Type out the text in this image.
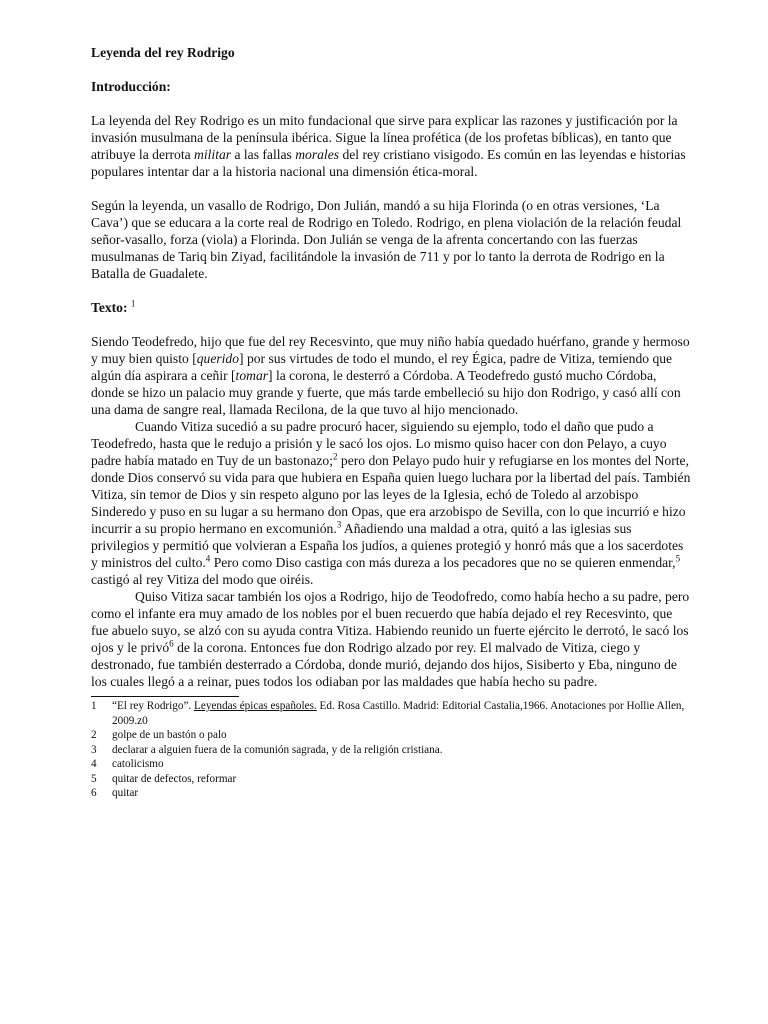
Leyenda del rey Rodrigo
Introducción:

La leyenda del Rey Rodrigo es un mito fundacional que sirve para explicar las razones y justificación por la invasión musulmana de la península ibérica. Sigue la línea profética (de los profetas bíblicas), en tanto que atribuye la derrota militar a las fallas morales del rey cristiano visigodo. Es común en las leyendas e historias populares intentar dar a la historia nacional una dimensión ética-moral.

Según la leyenda, un vasallo de Rodrigo, Don Julián, mandó a su hija Florinda (o en otras versiones, ‘La Cava’) que se educara a la corte real de Rodrigo en Toledo. Rodrigo, en plena violación de la relación feudal señor-vasallo, forza (viola) a Florinda. Don Julián se venga de la afrenta concertando con las fuerzas musulmanas de Tariq bin Ziyad, facilitándole la invasión de 711 y por lo tanto la derrota de Rodrigo en la Batalla de Guadalete.

Texto: $^1$

Siendo Teodefredo, hijo que fue del rey Recesvinto, que muy niño había quedado huérfano, grande y hermoso y muy bien quisto [querido] por sus virtudes de todo el mundo, el rey Égica, padre de Vitiza, temiendo que algún día aspirara a ceñir [tomar] la corona, le desterró a Córdoba. A Teodefredo gustó mucho Córdoba, donde se hizo un palacio muy grande y fuerte, que más tarde embelleció su hijo don Rodrigo, y casó allí con una dama de sangre real, llamada Recilona, de la que tuvo al hijo mencionado.

Cuando Vitiza sucedió a su padre procuró hacer, siguiendo su ejemplo, todo el daño que pudo a Teodefredo, hasta que le redujo a prisión y le sacó los ojos. Lo mismo quiso hacer con don Pelayo, a cuyo padre había matado en Tuy de un bastonazo;$^2$ pero don Pelayo pudo huir y refugiarse en los montes del Norte, donde Dios conservó su vida para que hubiera en España quien luego luchara por la libertad del país. También Vitiza, sin temor de Dios y sin respeto alguno por las leyes de la Iglesia, echó de Toledo al arzobispo Sinderedo y puso en su lugar a su hermano don Opas, que era arzobispo de Sevilla, con lo que incurrió e hizo incurrir a su propio hermano en excomunión.$^3$ Añadiendo una maldad a otra, quitó a las iglesias sus privilegios y permitió que volvieran a España los judíos, a quienes protegió y honró más que a los sacerdotes y ministros del culto.$^4$ Pero como Diso castiga con más dureza a los pecadores que no se quieren enmendar,$^5$ castigó al rey Vitiza del modo que oiréis.

Quiso Vitiza sacar también los ojos a Rodrigo, hijo de Teodofredo, como había hecho a su padre, pero como el infante era muy amado de los nobles por el buen recuerdo que había dejado el rey Recesvinto, que fue abuelo suyo, se alzó con su ayuda contra Vitiza. Habiendo reunido un fuerte ejército le derrotó, le sacó los ojos y le privó$^6$ de la corona. Entonces fue don Rodrigo alzado por rey. El malvado de Vitiza, ciego y destronado, fue también desterrado a Córdoba, donde murió, dejando dos hijos, Sisiberto y Eba, ninguno de los cuales llegó a a reinar, pues todos los odiaban por las maldades que había hecho su padre.

1	“El rey Rodrigo”. Leyendas épicas españoles. Ed. Rosa Castillo. Madrid: Editorial Castalia,1966. Anotaciones por Hollie Allen, 2009.z0
2	golpe de un bastón o palo
3	declarar a alguien fuera de la comunión sagrada, y de la religión cristiana.
4	catolicismo
5	quitar de defectos, reformar
6	quitar
